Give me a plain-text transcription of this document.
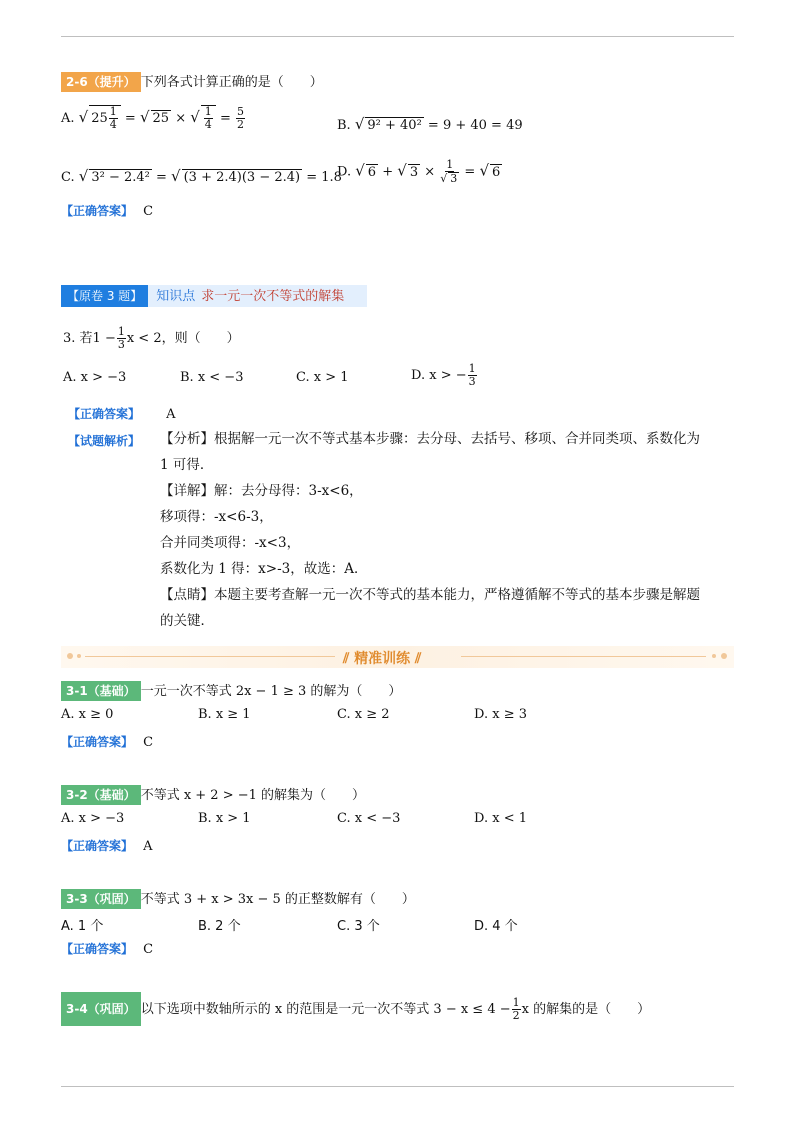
2-6（提升） 下列各式计算正确的是（　　）
A. √ $25 \frac{1}{4}$ = √ 25 × √ $\frac{1}{4} = \frac{5}{2}$	B. √ 9² + 40² = 9 + 40 = 49
C. √ 3² − 2.4² = √ (3 + 2.4)(3 − 2.4) = 1.8
D. √ 6 + √ $3 \times \frac{1}{√ 3}$ = √ 6
【正确答案】 C
【原卷 3 题】 知识点 求一元一次不等式的解集
3. 若$1 - \frac{1}{3}$ x < 2，则（　　）
A. x > −3	B. x < −3	C. x > 1	D. x > − $\frac{1}{3}$
【正确答案】 A
【试题解析】 【分析】根据解一元一次不等式基本步骤：去分母、去括号、移项、合并同类项、系数化为
1 可得．
【详解】解：去分母得：3-x<6，
移项得：-x<6-3，
合并同类项得：-x<3，
系数化为 1 得：x>-3，故选：A．
【点睛】本题主要考查解一元一次不等式的基本能力，严格遵循解不等式的基本步骤是解题
的关键．
⫽ 精准训练 ⫽
3-1（基础） 一元一次不等式 2x − 1 ≥ 3 的解为（　　）
A. x ≥ 0	B. x ≥ 1	C. x ≥ 2	D. x ≥ 3
【正确答案】 C
3-2（基础） 不等式 x + 2 > −1 的解集为（　　）
A. x > −3	B. x > 1	C. x < −3	D. x < 1
【正确答案】 A
3-3（巩固） 不等式 3 + x > 3x − 5 的正整数解有（　　）
A. 1 个	B. 2 个	C. 3 个	D. 4 个
【正确答案】 C
3-4（巩固） 以下选项中数轴所示的 x 的范围是一元一次不等式 $3 - x \le 4 - \frac{1}{2}$ x 的解集的是（　　）
